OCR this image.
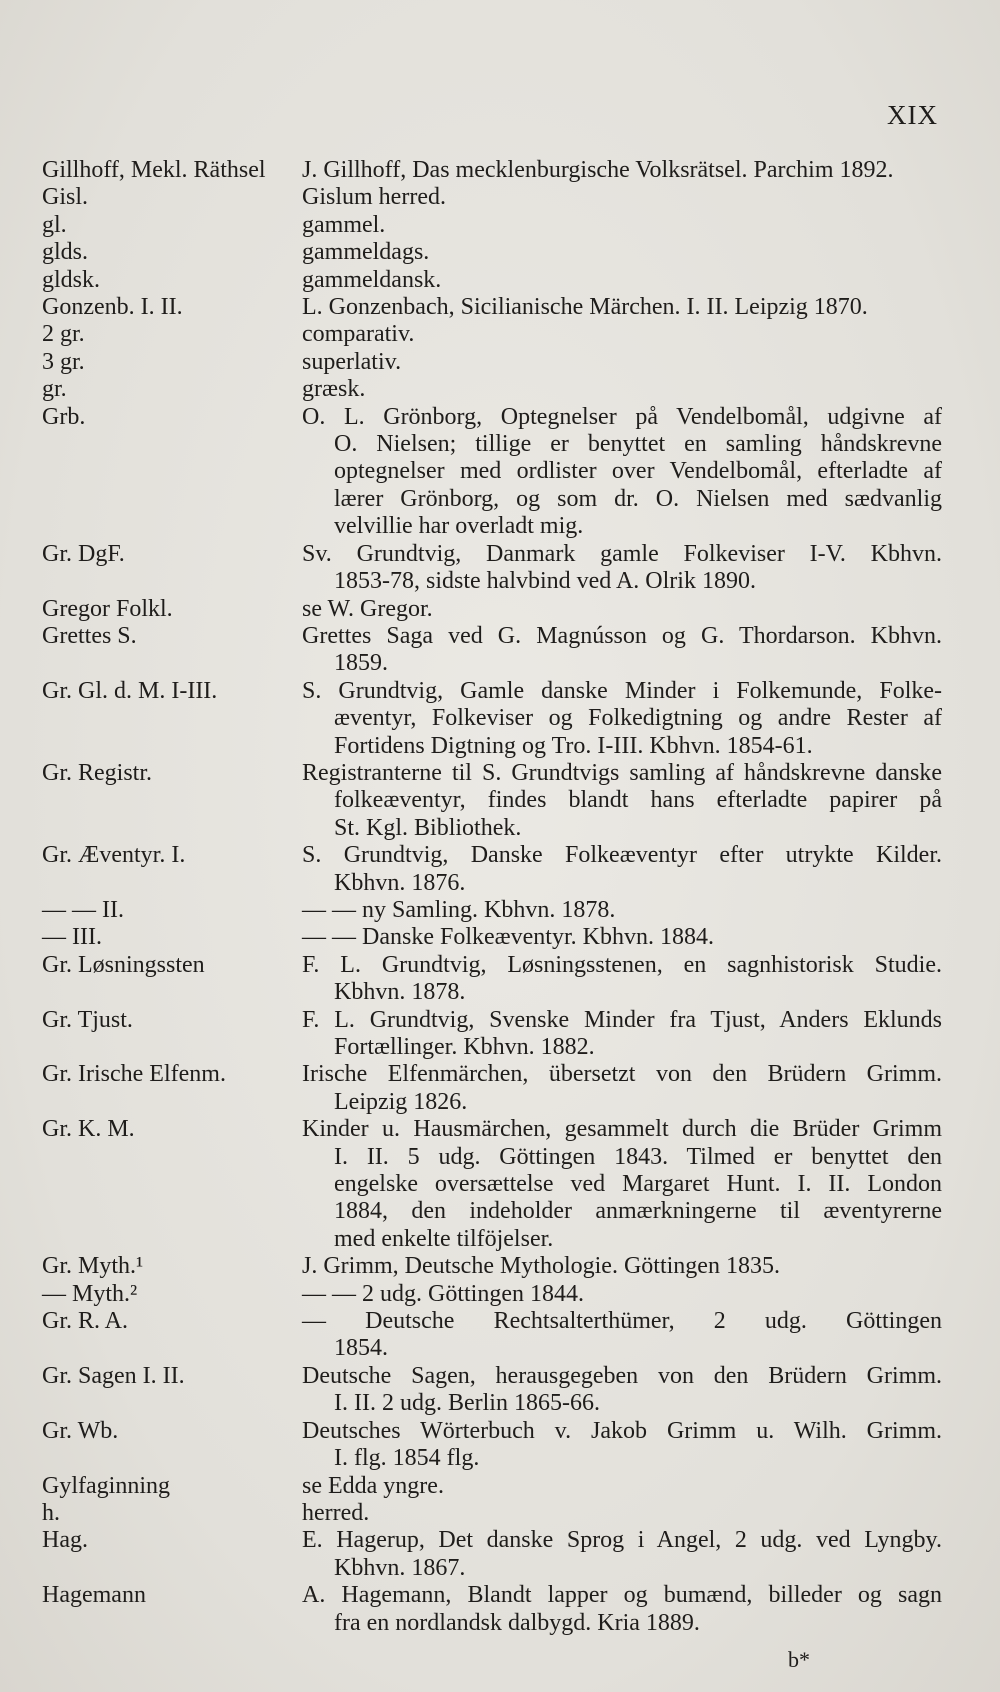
XIX
Gillhoff, Mekl. Räthsel	J. Gillhoff, Das mecklenburgische Volksrätsel. Parchim 1892.
Gisl.	Gislum herred.
gl.	gammel.
glds.	gammeldags.
gldsk.	gammeldansk.
Gonzenb. I. II.	L. Gonzenbach, Sicilianische Märchen. I. II. Leipzig 1870.
2 gr.	comparativ.
3 gr.	superlativ.
gr.	græsk.
Grb.	O. L. Grönborg, Optegnelser på Vendelbomål, udgivne af
O. Nielsen; tillige er benyttet en samling håndskrevne
optegnelser med ordlister over Vendelbomål, efterladte af
lærer Grönborg, og som dr. O. Nielsen med sædvanlig
velvillie har overladt mig.
Gr. DgF.	Sv. Grundtvig, Danmark gamle Folkeviser I-V. Kbhvn.
1853-78, sidste halvbind ved A. Olrik 1890.
Gregor Folkl.	se W. Gregor.
Grettes S.	Grettes Saga ved G. Magnússon og G. Thordarson. Kbhvn.
1859.
Gr. Gl. d. M. I-III.	S. Grundtvig, Gamle danske Minder i Folkemunde, Folke-
æventyr, Folkeviser og Folkedigtning og andre Rester af
Fortidens Digtning og Tro. I-III. Kbhvn. 1854-61.
Gr. Registr.	Registranterne til S. Grundtvigs samling af håndskrevne danske
folkeæventyr, findes blandt hans efterladte papirer på
St. Kgl. Bibliothek.
Gr. Æventyr. I.	S. Grundtvig, Danske Folkeæventyr efter utrykte Kilder.
Kbhvn. 1876.
— — II.	— — ny Samling. Kbhvn. 1878.
— III.	— — Danske Folkeæventyr. Kbhvn. 1884.
Gr. Løsningssten	F. L. Grundtvig, Løsningsstenen, en sagnhistorisk Studie.
Kbhvn. 1878.
Gr. Tjust.	F. L. Grundtvig, Svenske Minder fra Tjust, Anders Eklunds
Fortællinger. Kbhvn. 1882.
Gr. Irische Elfenm.	Irische Elfenmärchen, übersetzt von den Brüdern Grimm.
Leipzig 1826.
Gr. K. M.	Kinder u. Hausmärchen, gesammelt durch die Brüder Grimm
I. II. 5 udg. Göttingen 1843. Tilmed er benyttet den
engelske oversættelse ved Margaret Hunt. I. II. London
1884, den indeholder anmærkningerne til æventyrerne
med enkelte tilföjelser.
Gr. Myth.¹	J. Grimm, Deutsche Mythologie. Göttingen 1835.
— Myth.²	— — 2 udg. Göttingen 1844.
Gr. R. A.	— Deutsche Rechtsalterthümer, 2 udg. Göttingen
1854.
Gr. Sagen I. II.	Deutsche Sagen, herausgegeben von den Brüdern Grimm.
I. II. 2 udg. Berlin 1865-66.
Gr. Wb.	Deutsches Wörterbuch v. Jakob Grimm u. Wilh. Grimm.
I. flg. 1854 flg.
Gylfaginning	se Edda yngre.
h.	herred.
Hag.	E. Hagerup, Det danske Sprog i Angel, 2 udg. ved Lyngby.
Kbhvn. 1867.
Hagemann	A. Hagemann, Blandt lapper og bumænd, billeder og sagn
fra en nordlandsk dalbygd. Kria 1889.
b*
